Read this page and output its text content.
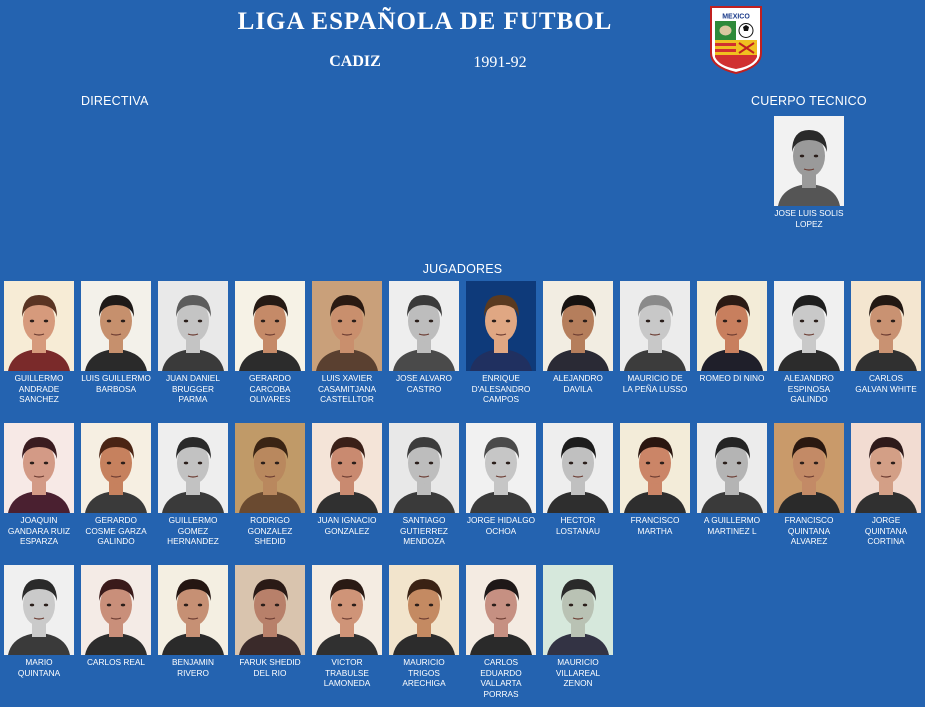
LIGA ESPAÑOLA DE FUTBOL
CADIZ	1991-92
MEXICO
DIRECTIVA	CUERPO TECNICO
JUGADORES
JOSE LUIS SOLIS
LOPEZ
GUILLERMO
ANDRADE
SANCHEZ
LUIS GUILLERMO
BARBOSA
JUAN DANIEL
BRUGGER
PARMA
GERARDO
CARCOBA
OLIVARES
LUIS XAVIER
CASAMITJANA
CASTELLTOR
JOSE ALVARO
CASTRO
ENRIQUE
D'ALESANDRO
CAMPOS
ALEJANDRO
DAVILA
MAURICIO DE
LA PEÑA LUSSO
ROMEO DI NINO	ALEJANDRO
ESPINOSA
GALINDO
CARLOS
GALVAN WHITE
JOAQUIN
GANDARA RUIZ
ESPARZA
GERARDO
COSME GARZA
GALINDO
GUILLERMO
GOMEZ
HERNANDEZ
RODRIGO
GONZALEZ
SHEDID
JUAN IGNACIO
GONZALEZ
SANTIAGO
GUTIERREZ
MENDOZA
JORGE HIDALGO
OCHOA
HECTOR
LOSTANAU
FRANCISCO
MARTHA
A GUILLERMO
MARTINEZ L
FRANCISCO
QUINTANA
ALVAREZ
JORGE
QUINTANA
CORTINA
MARIO
QUINTANA
CARLOS REAL	BENJAMIN
RIVERO
FARUK SHEDID
DEL RIO
VICTOR
TRABULSE
LAMONEDA
MAURICIO
TRIGOS
ARECHIGA
CARLOS
EDUARDO
VALLARTA
PORRAS
MAURICIO
VILLAREAL
ZENON
